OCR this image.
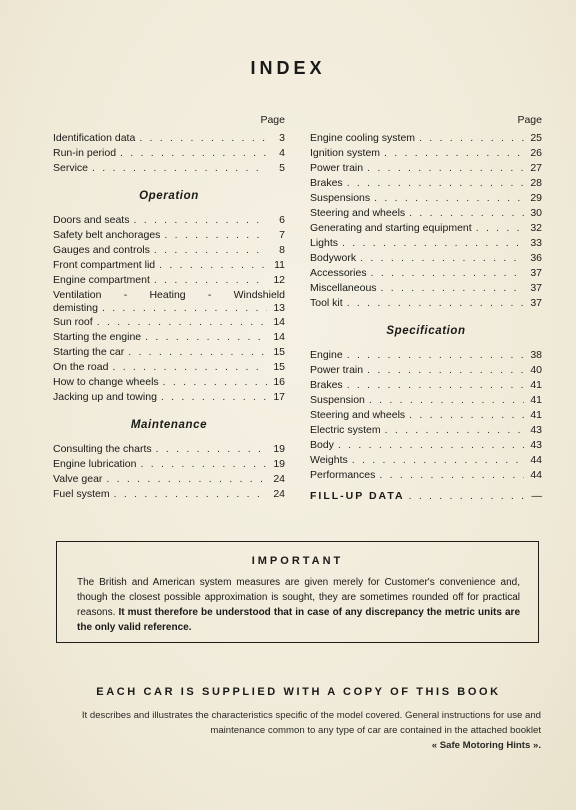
INDEX
Page
Identification data . . .	3
Run-in period . . .	4
Service . . .	5
Operation
Doors and seats . . .	6
Safety belt anchorages . . .	7
Gauges and controls . . .	8
Front compartment lid . . .	11
Engine compartment . . .	12
Ventilation - Heating - Windshield
demisting . . .	13
Sun roof . . .	14
Starting the engine . . .	14
Starting the car . . .	15
On the road . . .	15
How to change wheels . . .	16
Jacking up and towing . . .	17
Maintenance
Consulting the charts . . .	19
Engine lubrication . . .	19
Valve gear . . .	24
Fuel system . . .	24
Page
Engine cooling system . . .	25
Ignition system . . .	26
Power train . . .	27
Brakes . . .	28
Suspensions . . .	29
Steering and wheels . . .	30
Generating and starting equipment . . .	32
Lights . . .	33
Bodywork . . .	36
Accessories . . .	37
Miscellaneous . . .	37
Tool kit . . .	37
Specification
Engine . . .	38
Power train . . .	40
Brakes . . .	41
Suspension . . .	41
Steering and wheels . . .	41
Electric system . . .	43
Body . . .	43
Weights . . .	44
Performances . . .	44
FILL-UP DATA . . .	—
IMPORTANT
The British and American system measures are given merely for Customer's convenience and, though the closest possible approximation is sought, they are sometimes rounded off for practical reasons. It must therefore be understood that in case of any discrepancy the metric units are the only valid reference.
EACH CAR IS SUPPLIED WITH A COPY OF THIS BOOK
It describes and illustrates the characteristics specific of the model covered. General instructions for use and maintenance common to any type of car are contained in the attached booklet
« Safe Motoring Hints ».
